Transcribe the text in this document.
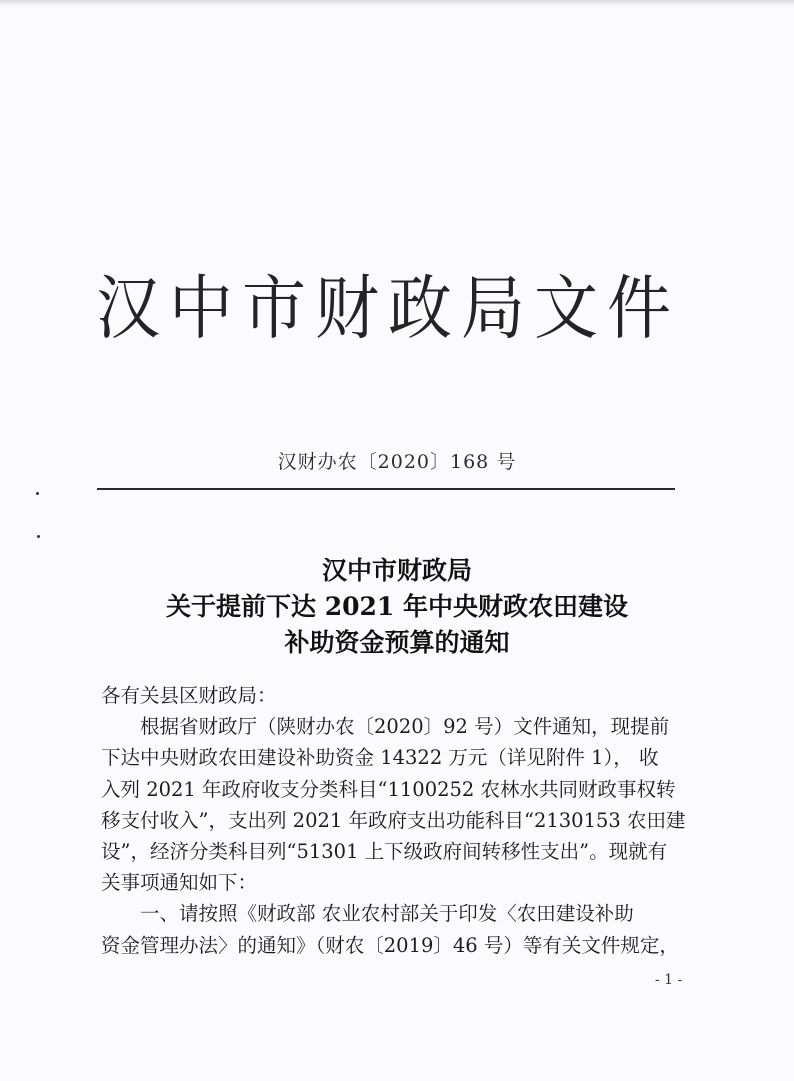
汉中市财政局文件
汉财办农〔2020〕168 号
汉中市财政局
关于提前下达 2021 年中央财政农田建设
补助资金预算的通知
各有关县区财政局：
根据省财政厅（陕财办农〔2020〕92 号）文件通知，现提前
下达中央财政农田建设补助资金 14322 万元（详见附件 1）， 收
入列 2021 年政府收支分类科目“1100252 农林水共同财政事权转
移支付收入”，支出列 2021 年政府支出功能科目“2130153 农田建
设”，经济分类科目列“51301 上下级政府间转移性支出”。现就有
关事项通知如下：
一、请按照《财政部 农业农村部关于印发〈农田建设补助
资金管理办法〉的通知》（财农〔2019〕46 号）等有关文件规定，
- 1 -
